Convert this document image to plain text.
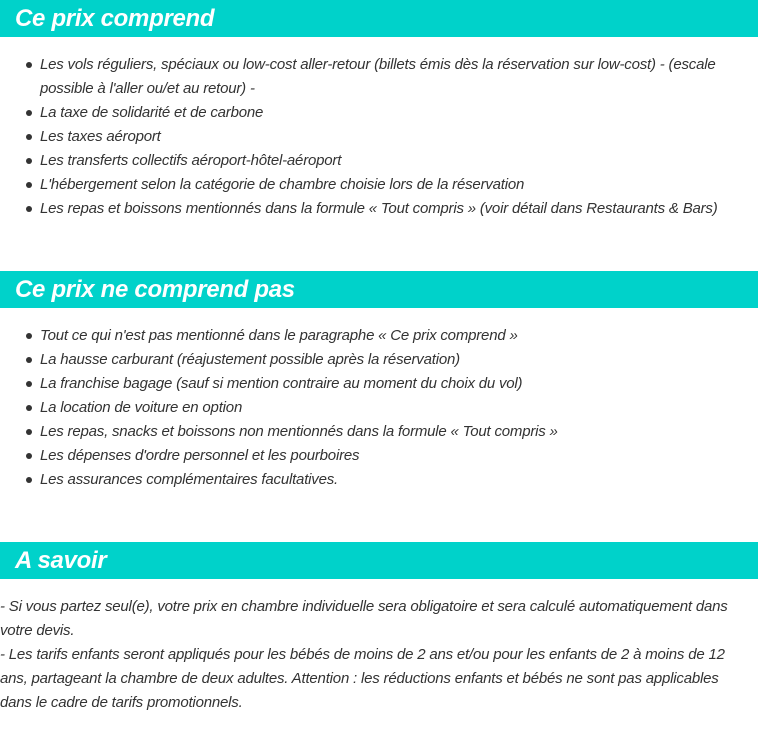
Ce prix comprend
Les vols réguliers, spéciaux ou low-cost aller-retour (billets émis dès la réservation sur low-cost) - (escale possible à l'aller ou/et au retour) -
La taxe de solidarité et de carbone
Les taxes aéroport
Les transferts collectifs aéroport-hôtel-aéroport
L'hébergement selon la catégorie de chambre choisie lors de la réservation
Les repas et boissons mentionnés dans la formule « Tout compris » (voir détail dans Restaurants & Bars)
Ce prix ne comprend pas
Tout ce qui n'est pas mentionné dans le paragraphe « Ce prix comprend »
La hausse carburant (réajustement possible après la réservation)
La franchise bagage (sauf si mention contraire au moment du choix du vol)
La location de voiture en option
Les repas, snacks et boissons non mentionnés dans la formule « Tout compris »
Les dépenses d'ordre personnel et les pourboires
Les assurances complémentaires facultatives.
A savoir
- Si vous partez seul(e), votre prix en chambre individuelle sera obligatoire et sera calculé automatiquement dans votre devis.
- Les tarifs enfants seront appliqués pour les bébés de moins de 2 ans et/ou pour les enfants de 2 à moins de 12 ans, partageant la chambre de deux adultes. Attention : les réductions enfants et bébés ne sont pas applicables dans le cadre de tarifs promotionnels.
